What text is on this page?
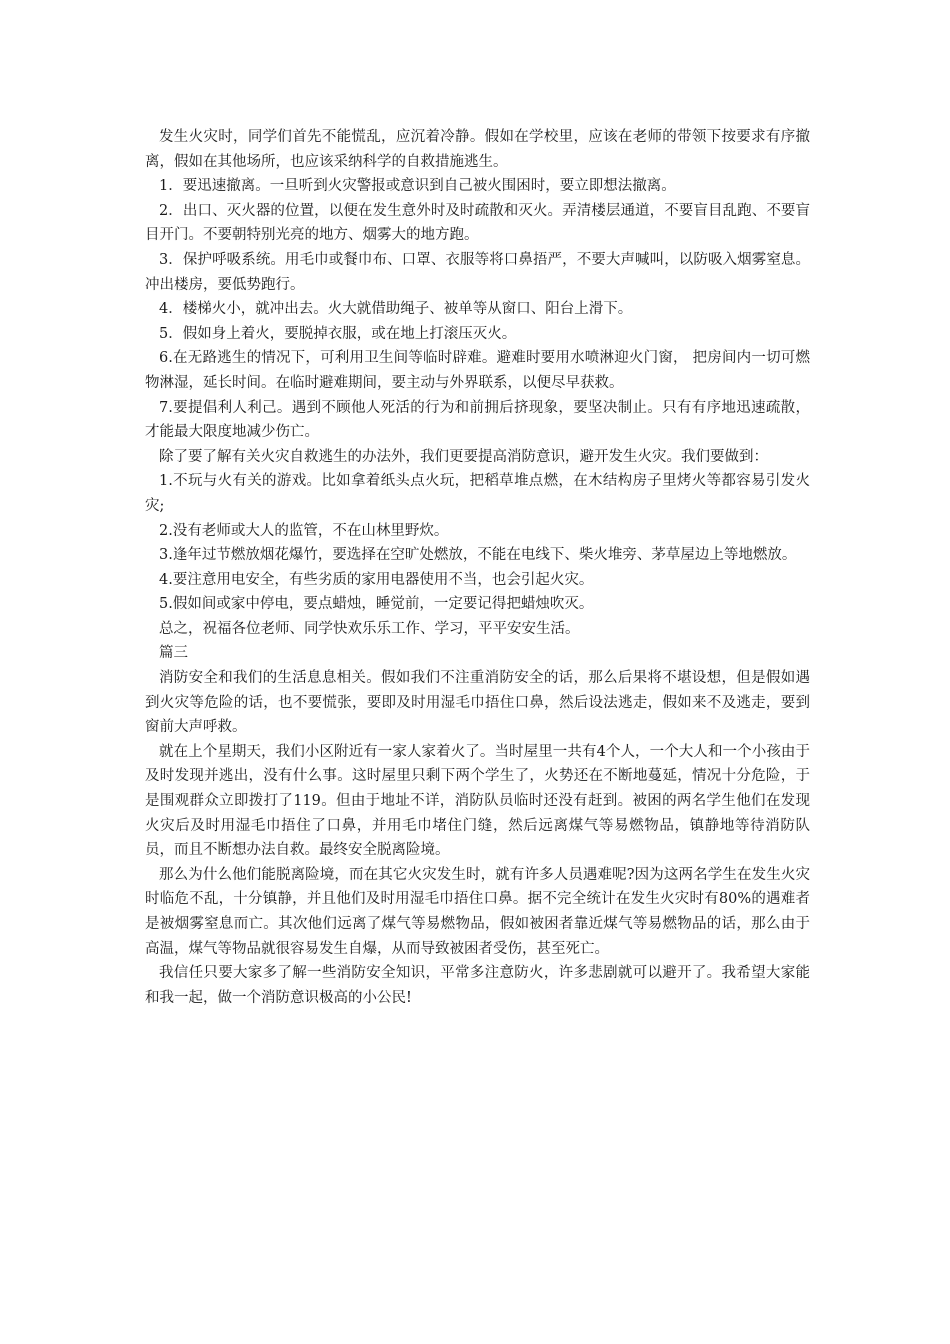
发生火灾时，同学们首先不能慌乱，应沉着冷静。假如在学校里，应该在老师的带领下按要求有序撤离，假如在其他场所，也应该采纳科学的自救措施逃生。

1．要迅速撤离。一旦听到火灾警报或意识到自己被火围困时，要立即想法撤离。

2．出口、灭火器的位置，以便在发生意外时及时疏散和灭火。弄清楼层通道，不要盲目乱跑、不要盲目开门。不要朝特别光亮的地方、烟雾大的地方跑。

3．保护呼吸系统。用毛巾或餐巾布、口罩、衣服等将口鼻捂严，不要大声喊叫，以防吸入烟雾窒息。冲出楼房，要低势跑行。

4．楼梯火小，就冲出去。火大就借助绳子、被单等从窗口、阳台上滑下。

5．假如身上着火，要脱掉衣服，或在地上打滚压灭火。

6.在无路逃生的情况下，可利用卫生间等临时辟难。避难时要用水喷淋迎火门窗， 把房间内一切可燃物淋湿，延长时间。在临时避难期间，要主动与外界联系，以便尽早获救。

7.要提倡利人利己。遇到不顾他人死活的行为和前拥后挤现象，要坚决制止。只有有序地迅速疏散，才能最大限度地减少伤亡。

除了要了解有关火灾自救逃生的办法外，我们更要提高消防意识，避开发生火灾。我们要做到：

1.不玩与火有关的游戏。比如拿着纸头点火玩，把稻草堆点燃，在木结构房子里烤火等都容易引发火灾;

2.没有老师或大人的监管，不在山林里野炊。

3.逢年过节燃放烟花爆竹，要选择在空旷处燃放，不能在电线下、柴火堆旁、茅草屋边上等地燃放。

4.要注意用电安全，有些劣质的家用电器使用不当，也会引起火灾。

5.假如间或家中停电，要点蜡烛，睡觉前，一定要记得把蜡烛吹灭。

总之，祝福各位老师、同学快欢乐乐工作、学习，平平安安生活。

篇三

消防安全和我们的生活息息相关。假如我们不注重消防安全的话，那么后果将不堪设想，但是假如遇到火灾等危险的话，也不要慌张，要即及时用湿毛巾捂住口鼻，然后设法逃走，假如来不及逃走，要到窗前大声呼救。

就在上个星期天，我们小区附近有一家人家着火了。当时屋里一共有4个人，一个大人和一个小孩由于及时发现并逃出，没有什么事。这时屋里只剩下两个学生了，火势还在不断地蔓延，情况十分危险，于是围观群众立即拨打了119。但由于地址不详，消防队员临时还没有赶到。被困的两名学生他们在发现火灾后及时用湿毛巾捂住了口鼻，并用毛巾堵住门缝，然后远离煤气等易燃物品，镇静地等待消防队员，而且不断想办法自救。最终安全脱离险境。

那么为什么他们能脱离险境，而在其它火灾发生时，就有许多人员遇难呢?因为这两名学生在发生火灾时临危不乱，十分镇静，并且他们及时用湿毛巾捂住口鼻。据不完全统计在发生火灾时有80%的遇难者是被烟雾窒息而亡。其次他们远离了煤气等易燃物品，假如被困者靠近煤气等易燃物品的话，那么由于高温，煤气等物品就很容易发生自爆，从而导致被困者受伤，甚至死亡。

我信任只要大家多了解一些消防安全知识，平常多注意防火，许多悲剧就可以避开了。我希望大家能和我一起，做一个消防意识极高的小公民!
